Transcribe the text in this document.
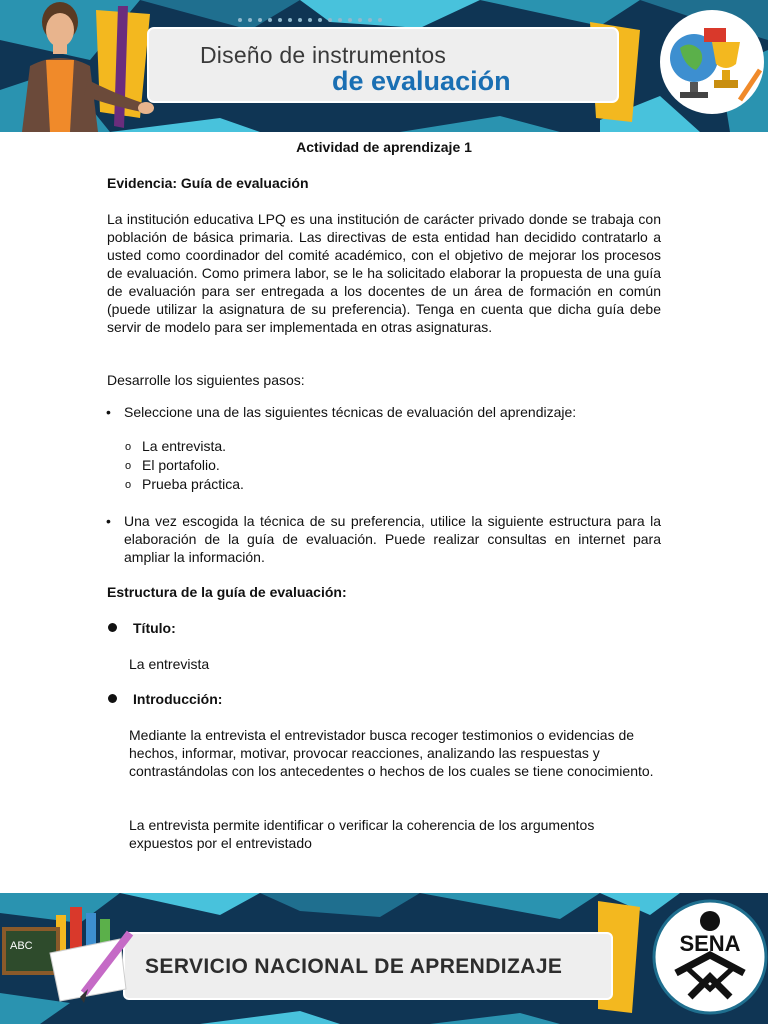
Diseño de instrumentos
de evaluación
Actividad de aprendizaje 1
Evidencia: Guía de evaluación
La institución educativa LPQ es una institución de carácter privado donde se trabaja con población de básica primaria. Las directivas de esta entidad han decidido contratarlo a usted como coordinador del comité académico, con el objetivo de mejorar los procesos de evaluación. Como primera labor, se le ha solicitado elaborar la propuesta de una guía de evaluación para ser entregada a los docentes de un área de formación en común (puede utilizar la asignatura de su preferencia). Tenga en cuenta que dicha guía debe servir de modelo para ser implementada en otras asignaturas.
Desarrolle los siguientes pasos:
• Seleccione una de las siguientes técnicas de evaluación del aprendizaje:
o La entrevista.
o El portafolio.
o Prueba práctica.
• Una vez escogida la técnica de su preferencia, utilice la siguiente estructura para la elaboración de la guía de evaluación. Puede realizar consultas en internet para ampliar la información.
Estructura de la guía de evaluación:
Título:
La entrevista
Introducción:
Mediante la entrevista el entrevistador busca recoger testimonios o evidencias de hechos, informar, motivar, provocar reacciones, analizando las respuestas y contrastándolas con los antecedentes o hechos de los cuales se tiene conocimiento.
La entrevista permite identificar o verificar la coherencia de los argumentos expuestos por el entrevistado
ABC
SERVICIO NACIONAL DE APRENDIZAJE
SENA
